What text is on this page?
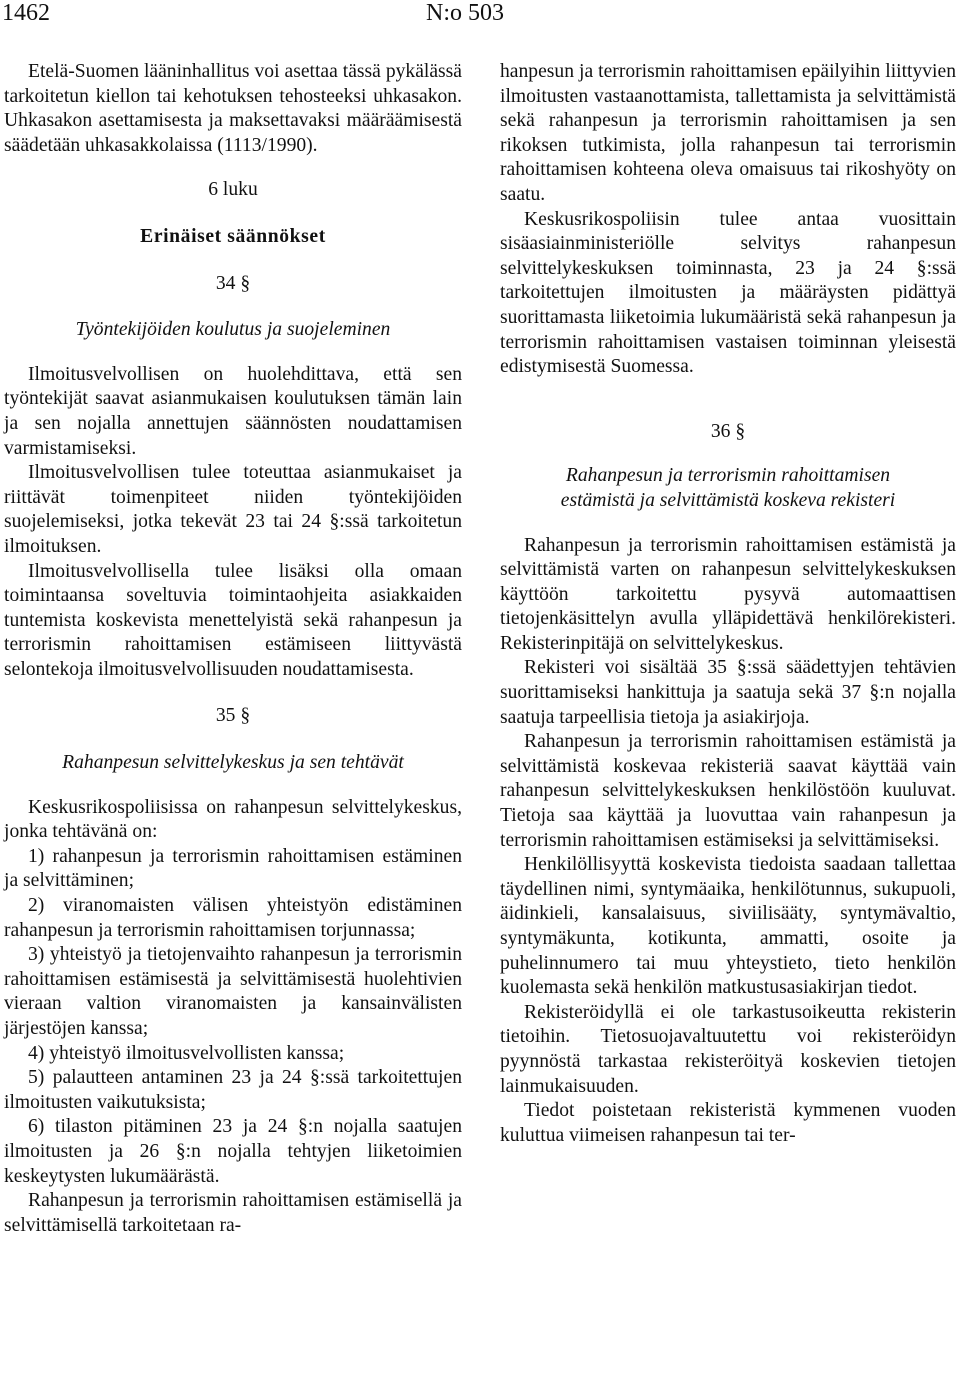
1462	N:o 503

Etelä-Suomen lääninhallitus voi asettaa tässä pykälässä tarkoitetun kiellon tai kehotuksen tehosteeksi uhkasakon. Uhkasakon asettamisesta ja maksettavaksi määräämisestä säädetään uhkasakkolaissa (1113/1990).

6 luku

Erinäiset säännökset

34 §

Työntekijöiden koulutus ja suojeleminen

Ilmoitusvelvollisen on huolehdittava, että sen työntekijät saavat asianmukaisen koulutuksen tämän lain ja sen nojalla annettujen säännösten noudattamisen varmistamiseksi.

Ilmoitusvelvollisen tulee toteuttaa asianmukaiset ja riittävät toimenpiteet niiden työntekijöiden suojelemiseksi, jotka tekevät 23 tai 24 §:ssä tarkoitetun ilmoituksen.

Ilmoitusvelvollisella tulee lisäksi olla omaan toimintaansa soveltuvia toimintaohjeita asiakkaiden tuntemista koskevista menettelyistä sekä rahanpesun ja terrorismin rahoittamisen estämiseen liittyvästä selontekoja ilmoitusvelvollisuuden noudattamisesta.

35 §

Rahanpesun selvittelykeskus ja sen tehtävät

Keskusrikospoliisissa on rahanpesun selvittelykeskus, jonka tehtävänä on:

1) rahanpesun ja terrorismin rahoittamisen estäminen ja selvittäminen;

2) viranomaisten välisen yhteistyön edistäminen rahanpesun ja terrorismin rahoittamisen torjunnassa;

3) yhteistyö ja tietojenvaihto rahanpesun ja terrorismin rahoittamisen estämisestä ja selvittämisestä huolehtivien vieraan valtion viranomaisten ja kansainvälisten järjestöjen kanssa;

4) yhteistyö ilmoitusvelvollisten kanssa;

5) palautteen antaminen 23 ja 24 §:ssä tarkoitettujen ilmoitusten vaikutuksista;

6) tilaston pitäminen 23 ja 24 §:n nojalla saatujen ilmoitusten ja 26 §:n nojalla tehtyjen liiketoimien keskeytysten lukumäärästä.

Rahanpesun ja terrorismin rahoittamisen estämisellä ja selvittämisellä tarkoitetaan ra-

hanpesun ja terrorismin rahoittamisen epäilyihin liittyvien ilmoitusten vastaanottamista, tallettamista ja selvittämistä sekä rahanpesun ja terrorismin rahoittamisen ja sen rikoksen tutkimista, jolla rahanpesun tai terrorismin rahoittamisen kohteena oleva omaisuus tai rikoshyöty on saatu.

Keskusrikospoliisin tulee antaa vuosittain sisäasiainministeriölle selvitys rahanpesun selvittelykeskuksen toiminnasta, 23 ja 24 §:ssä tarkoitettujen ilmoitusten ja määräysten pidättyä suorittamasta liiketoimia lukumääristä sekä rahanpesun ja terrorismin rahoittamisen vastaisen toiminnan yleisestä edistymisestä Suomessa.

36 §

Rahanpesun ja terrorismin rahoittamisen
estämistä ja selvittämistä koskeva rekisteri

Rahanpesun ja terrorismin rahoittamisen estämistä ja selvittämistä varten on rahanpesun selvittelykeskuksen käyttöön tarkoitettu pysyvä automaattisen tietojenkäsittelyn avulla ylläpidettävä henkilörekisteri. Rekisterinpitäjä on selvittelykeskus.

Rekisteri voi sisältää 35 §:ssä säädettyjen tehtävien suorittamiseksi hankittuja ja saatuja sekä 37 §:n nojalla saatuja tarpeellisia tietoja ja asiakirjoja.

Rahanpesun ja terrorismin rahoittamisen estämistä ja selvittämistä koskevaa rekisteriä saavat käyttää vain rahanpesun selvittelykeskuksen henkilöstöön kuuluvat. Tietoja saa käyttää ja luovuttaa vain rahanpesun ja terrorismin rahoittamisen estämiseksi ja selvittämiseksi.

Henkilöllisyyttä koskevista tiedoista saadaan tallettaa täydellinen nimi, syntymäaika, henkilötunnus, sukupuoli, äidinkieli, kansalaisuus, siviilisääty, syntymävaltio, syntymäkunta, kotikunta, ammatti, osoite ja puhelinnumero tai muu yhteystieto, tieto henkilön kuolemasta sekä henkilön matkustusasiakirjan tiedot.

Rekisteröidyllä ei ole tarkastusoikeutta rekisterin tietoihin. Tietosuojavaltuutettu voi rekisteröidyn pyynnöstä tarkastaa rekisteröityä koskevien tietojen lainmukaisuuden.

Tiedot poistetaan rekisteristä kymmenen vuoden kuluttua viimeisen rahanpesun tai ter-
